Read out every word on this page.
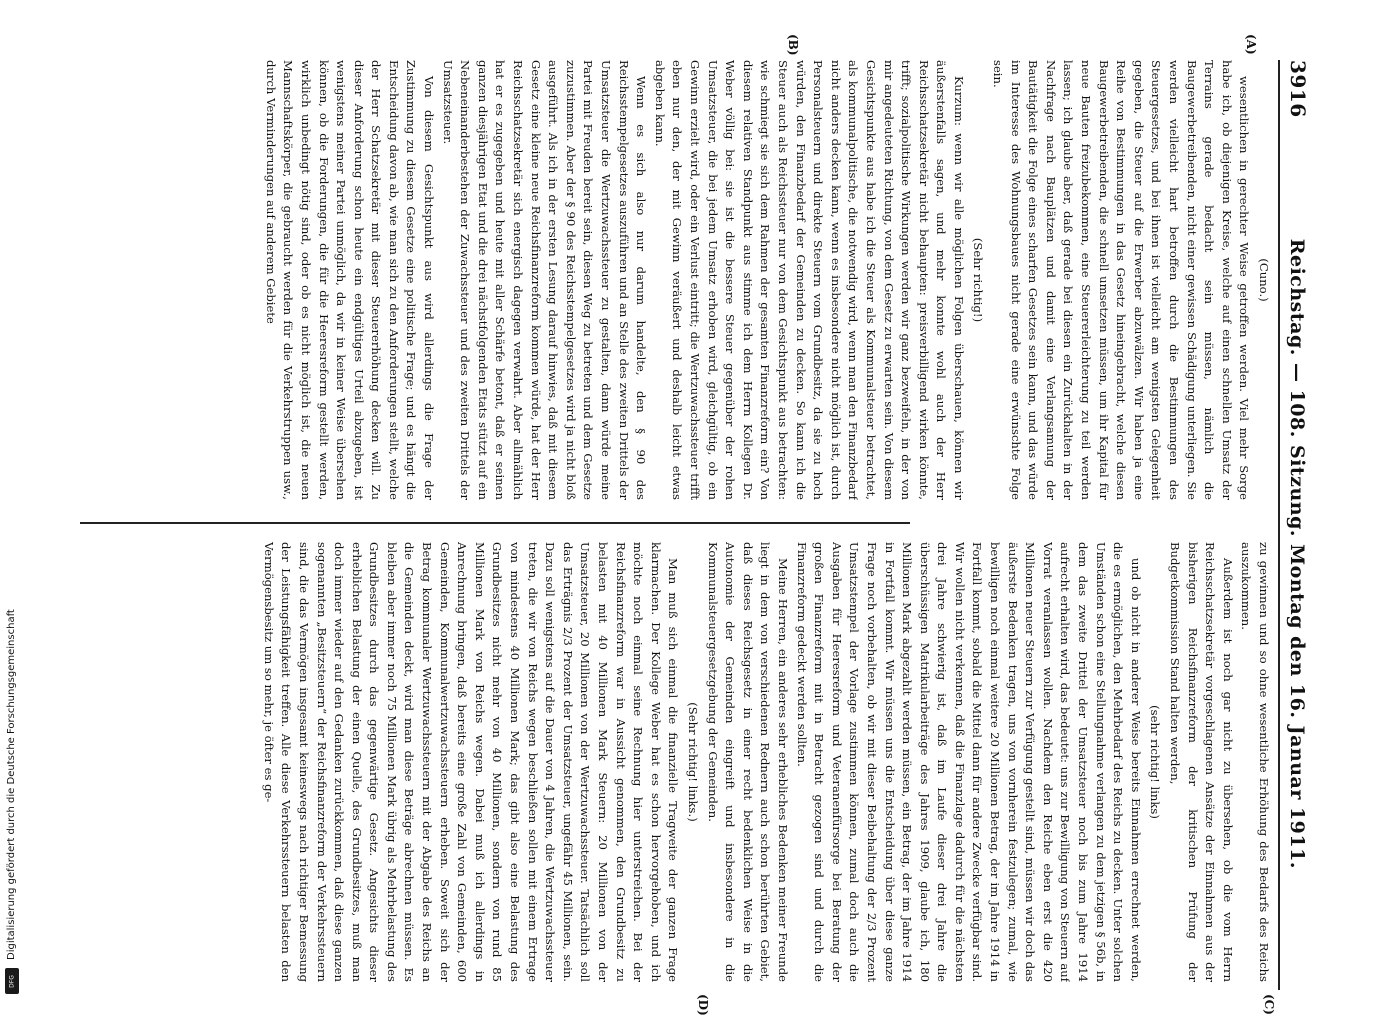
Digitalisierung gefördert durch die Deutsche Forschungsgemeinschaft
DFG
3916
Reichstag. — 108. Sitzung. Montag den 16. Januar 1911.
(A)
(B)
(C)
(D)
(Cuno.)

wesentlichen in gerechter Weise getroffen werden. Viel mehr Sorge habe ich, ob diejenigen Kreise, welche auf einen schnellen Umsatz der Terrains gerade bedacht sein müssen, nämlich die Baugewerbetreibenden, nicht einer gewissen Schädigung unterliegen. Sie werden vielleicht hart betroffen durch die Bestimmungen des Steuergesetzes, und bei ihnen ist vielleicht am wenigsten Gelegenheit gegeben, die Steuer auf die Erwerber abzuwälzen. Wir haben ja eine Reihe von Bestimmungen in das Gesetz hineingebracht, welche diesen Baugewerbetreibenden, die schnell umsetzen müssen, um ihr Kapital für neue Bauten freizubekommen, eine Steuererleichterung zu teil werden lassen; ich glaube aber, daß gerade bei diesen ein Zurückhalten in der Nachfrage nach Bauplätzen und damit eine Verlangsamung der Bautätigkeit die Folge eines scharfen Gesetzes sein kann, und das würde im Interesse des Wohnungsbaues nicht gerade eine erwünschte Folge sein.

(Sehr richtig!)

Kurzum: wenn wir alle möglichen Folgen überschauen, können wir äußerstenfalls sagen, und mehr konnte wohl auch der Herr Reichsschatzsekretär nicht behaupten: preisverbilligend wirken könnte, trifft; sozialpolitische Wirkungen werden wir ganz bezweifeln, in der von mir angedeuteten Richtung, von dem Gesetz zu erwarten sein. Von diesem Gesichtspunkte aus habe ich die Steuer als Kommunalsteuer betrachtet, als kommunalpolitische, die notwendig wird, wenn man den Finanzbedarf nicht anders decken kann, wenn es insbesondere nicht möglich ist, durch Personalsteuern und direkte Steuern vom Grundbesitz, da sie zu hoch würden, den Finanzbedarf der Gemeinden zu decken. So kann ich die Steuer auch als Reichssteuer nur von dem Gesichtspunkt aus betrachten: wie schmiegt sie sich dem Rahmen der gesamten Finanzreform ein? Von diesem relativen Standpunkt aus stimme ich dem Herrn Kollegen Dr. Weber völlig bei: sie ist die bessere Steuer gegenüber der rohen Umsatzsteuer, die bei jedem Umsatz erhoben wird, gleichgültig, ob ein Gewinn erzielt wird, oder ein Verlust eintritt; die Wertzuwachssteuer trifft eben nur den, der mit Gewinn veräußert und deshalb leicht etwas abgeben kann.

Wenn es sich also nur darum handelte, den § 90 des Reichsstempelgesetzes auszuführen und an Stelle des zweiten Drittels der Umsatzsteuer die Wertzuwachssteuer zu gestalten, dann würde meine Partei mit Freuden bereit sein, diesen Weg zu betreten und dem Gesetze zuzustimmen. Aber der § 90 des Reichsstempelgesetzes wird ja nicht bloß ausgeführt. Als ich in der ersten Lesung darauf hinwies, daß mit diesem Gesetz eine kleine neue Reichsfinanzreform kommen würde, hat der Herr Reichsschatzsekretär sich energisch dagegen verwahrt. Aber allmählich hat er es zugegeben und heute mit aller Schärfe betont, daß er seinen ganzen diesjährigen Etat und die drei nächstfolgenden Etats stützt auf ein Nebeneinanderbestehen der Zuwachssteuer und des zweiten Drittels der Umsatzsteuer.

Von diesem Gesichtspunkt aus wird allerdings die Frage der Zustimmung zu diesem Gesetze eine politische Frage; und es hängt die Entscheidung davon ab, wie man sich zu den Anforderungen stellt, welche der Herr Schatzsekretär mit dieser Steuererhöhung decken will. Zu dieser Anforderung schon heute ein endgültiges Urteil abzugeben, ist wenigstens meiner Partei unmöglich, da wir in keiner Weise übersehen können, ob die Forderungen, die für die Heeresreform gestellt werden, wirklich unbedingt nötig sind, oder ob es nicht möglich ist, die neuen Mannschaftskörper, die gebraucht werden für die Verkehrstruppen usw., durch Verminderungen auf anderem Gebiete

zu gewinnen und so ohne wesentliche Erhöhung des Bedarfs des Reichs auszukommen.

Außerdem ist noch gar nicht zu übersehen, ob die vom Herrn Reichsschatzsekretär vorgeschlagenen Ansätze der Einnahmen aus der bisherigen Reichsfinanzreform der kritischen Prüfung der Budgetkommission Stand halten werden,

(sehr richtig! links)

und ob nicht in anderer Weise bereits Einnahmen errechnet werden, die es ermöglichen, den Mehrbedarf des Reichs zu decken. Unter solchen Umständen schon eine Stellungnahme verlangen zu dem jetzigen § 56b, in dem das zweite Drittel der Umsatzsteuer noch bis zum Jahre 1914 aufrecht erhalten wird, das bedeutet: uns zur Bewilligung von Steuern auf Vorrat veranlassen wollen. Nachdem den Reiche eben erst die 420 Millionen neuer Steuern zur Verfügung gestellt sind, müssen wir doch das äußerste Bedenken tragen, uns von vornherein festzulegen; zumal, wie bewilligen noch einmal weitere 20 Millionen Betrag, der im Jahre 1914 in Fortfall kommt, sobald die Mittel dann für andere Zwecke verfügbar sind. Wir wollen nicht verkennen, daß die Finanzlage dadurch für die nächsten drei Jahre schwierig ist, daß im Laufe dieser drei Jahre die überschüssigen Matrikularbeiträge des Jahres 1909, glaube ich, 180 Millionen Mark abgezahlt werden müssen, ein Betrag, der im Jahre 1914 in Fortfall kommt. Wir müssen uns die Entscheidung über diese ganze Frage noch vorbehalten, ob wir mit dieser Beibehaltung der 2/3 Prozent Umsatzstempel der Vorlage zustimmen können, zumal doch auch die Ausgaben für Heeresreform und Veteranenfürsorge bei Beratung der großen Finanzreform mit in Betracht gezogen sind und durch die Finanzreform gedeckt werden sollten.

Meine Herren, ein anderes sehr erhebliches Bedenken meiner Freunde liegt in dem von verschiedenen Rednern auch schon berührten Gebiet, daß dieses Reichsgesetz in einer recht bedenklichen Weise in die Autonomie der Gemeinden eingreift und insbesondere in die Kommunalsteuergesetzgebung der Gemeinden.

(Sehr richtig! links.)

Man muß sich einmal die finanzielle Tragweite der ganzen Frage klarmachen. Der Kollege Weber hat es schon hervorgehoben, und ich möchte noch einmal seine Rechnung hier unterstreichen. Bei der Reichsfinanzreform war in Aussicht genommen, den Grundbesitz zu belasten mit 40 Millionen Mark Steuern: 20 Millionen von der Umsatzsteuer, 20 Millionen von der Wertzuwachssteuer. Tatsächlich soll das Erträgnis 2/3 Prozent der Umsatzsteuer, ungefähr 45 Millionen, sein. Dazu soll wenigstens auf die Dauer von 4 Jahren, die Wertzuwachssteuer treten, die wir von Reichs wegen beschließen sollen mit einem Ertrage von mindestens 40 Millionen Mark; das gibt also eine Belastung des Grundbesitzes nicht mehr von 40 Millionen, sondern von rund 85 Millionen Mark von Reichs wegen. Dabei muß ich allerdings in Anrechnung bringen, daß bereits eine große Zahl von Gemeinden, 600 Gemeinden, Kommunalwertzuwachssteuern erheben. Soweit sich der Betrag kommunaler Wertzuwachssteuern mit der Abgabe des Reichs an die Gemeinden deckt, wird man diese Beträge abrechnen müssen. Es bleiben aber immer noch 75 Millionen Mark übrig als Mehrbelastung des Grundbesitzes durch das gegenwärtige Gesetz. Angesichts dieser erheblichen Belastung der einen Quelle, des Grundbesitzes, muß man doch immer wieder auf den Gedanken zurückkommen, daß diese ganzen sogenannten „Besitzsteuern“ der Reichsfinanzreform der Verkehrssteuern sind, die das Vermögen insgesamt keineswegs nach richtiger Bemessung der Leistungsfähigkeit treffen. Alle diese Verkehrssteuern belasten den Vermögensbesitz um so mehr, je öfter es ge-
